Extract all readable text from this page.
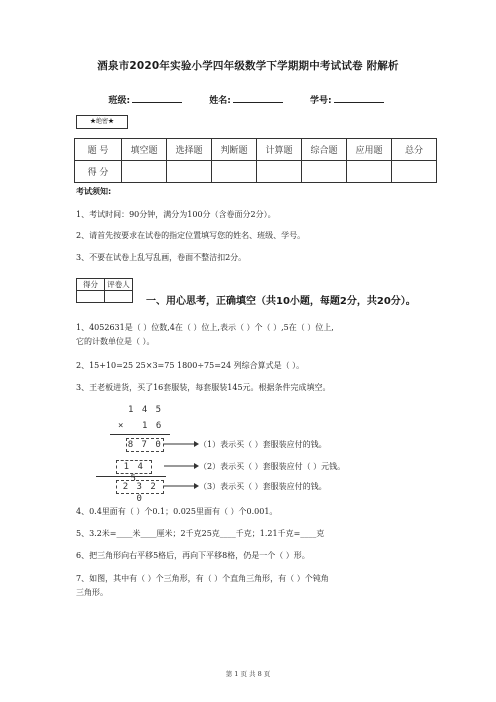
酒泉市2020年实验小学四年级数学下学期期中考试试卷 附解析
班级:	姓名:	学号:
★绝密★
题 号	填空题	选择题	判断题	计算题	综合题	应用题	总分
得 分							
考试须知:
1、考试时间：90分钟，满分为100分（含卷面分2分）。
2、请首先按要求在试卷的指定位置填写您的姓名、班级、学号。
3、不要在试卷上乱写乱画，卷面不整洁扣2分。
得分	评卷人

一、用心思考，正确填空（共10小题，每题2分，共20分）。
1、4052631是（ ）位数,4在（ ）位上,表示（ ）个（ ）,5在（ ）位上,
它的计数单位是（ ）。
2、15+10=25 25×3=75 1800÷75=24 列综合算式是（ ）。
3、王老板进货，买了16套服装，每套服装145元。根据条件完成填空。
1 4 5
× 1 6
8 7 0
1 4 5
2 3 2 0
（1）表示买（ ）套服装应付的钱。
（2）表示买（ ）套服装应付（ ）元钱。
（3）表示买（ ）套服装应付的钱。
4、0.4里面有（ ）个0.1；0.025里面有（ ）个0.001。
5、3.2米=____米____厘米；2千克25克____千克；1.21千克=____克
6、把三角形向右平移5格后，再向下平移8格，仍是一个（ ）形。
7、如图，其中有（ ）个三角形，有（ ）个直角三角形，有（ ）个钝角
三角形。
第 1 页 共 8 页
